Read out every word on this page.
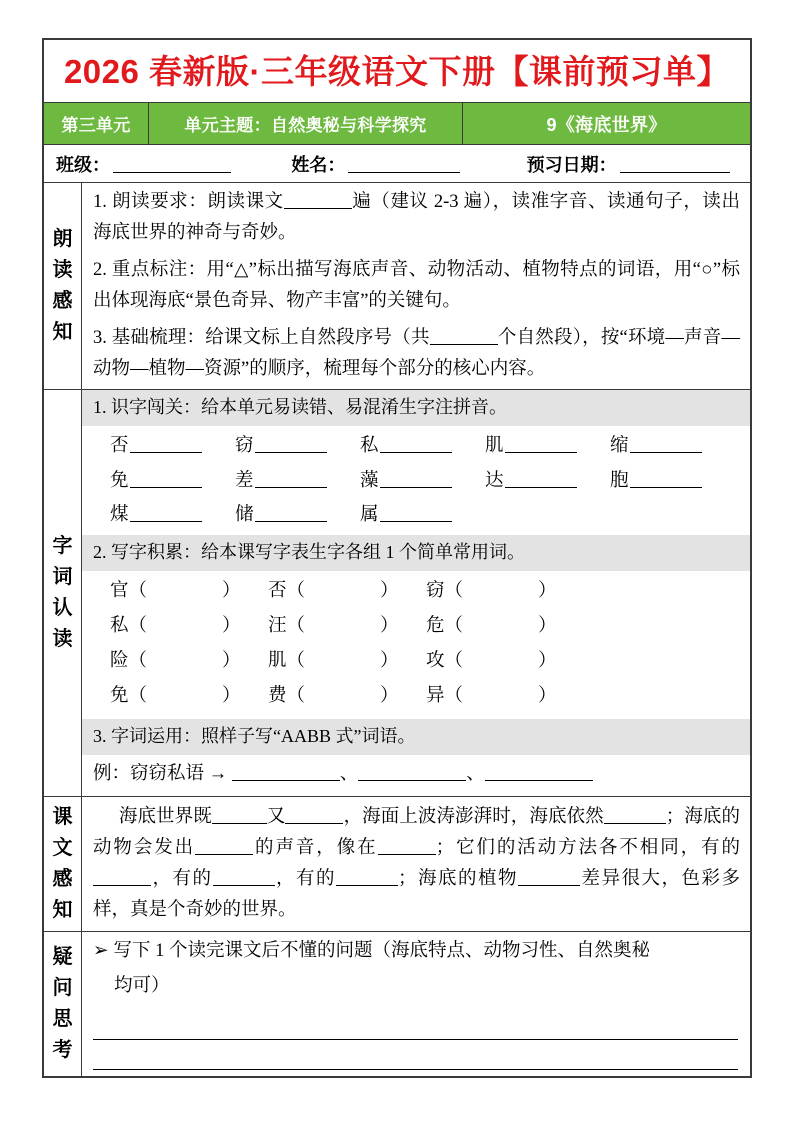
2026 春新版·三年级语文下册【课前预习单】
第三单元	单元主题：自然奥秘与科学探究	9《海底世界》
班级：	姓名：	预习日期：
朗
读
感
知
1. 朗读要求：朗读课文	遍（建议 2-3 遍），读准字音、读通句子，读出海底世界的神奇与奇妙。
2. 重点标注：用“△”标出描写海底声音、动物活动、植物特点的词语，用“○”标出体现海底“景色奇异、物产丰富”的关键句。
3. 基础梳理：给课文标上自然段序号（共	个自然段），按“环境—声音—动物—植物—资源”的顺序，梳理每个部分的核心内容。
字
词
认
读
1. 识字闯关：给本单元易读错、易混淆生字注拼音。
否	窃	私	肌	缩
免	差	藻	达	胞
煤	储	属
2. 写字积累：给本课写字表生字各组 1 个简单常用词。
官（	） 否（	） 窃（	）
私（	） 汪（	） 危（	）
险（	） 肌（	） 攻（	）
免（	） 费（	） 异（	）
3. 字词运用：照样子写“AABB 式”词语。
例：窃窃私语 →	、	、
课
文
感
知
海底世界既	又	，海面上波涛澎湃时，海底依然	；海底的动物会发出	的声音，像在	；它们的活动方法各不相同，有的，有的	，有的	；海底的植物	差异很大，色彩多样，真是个奇妙的世界。
疑
问
思
考
➢ 写下 1 个读完课文后不懂的问题（海底特点、动物习性、自然奥秘
均可）
